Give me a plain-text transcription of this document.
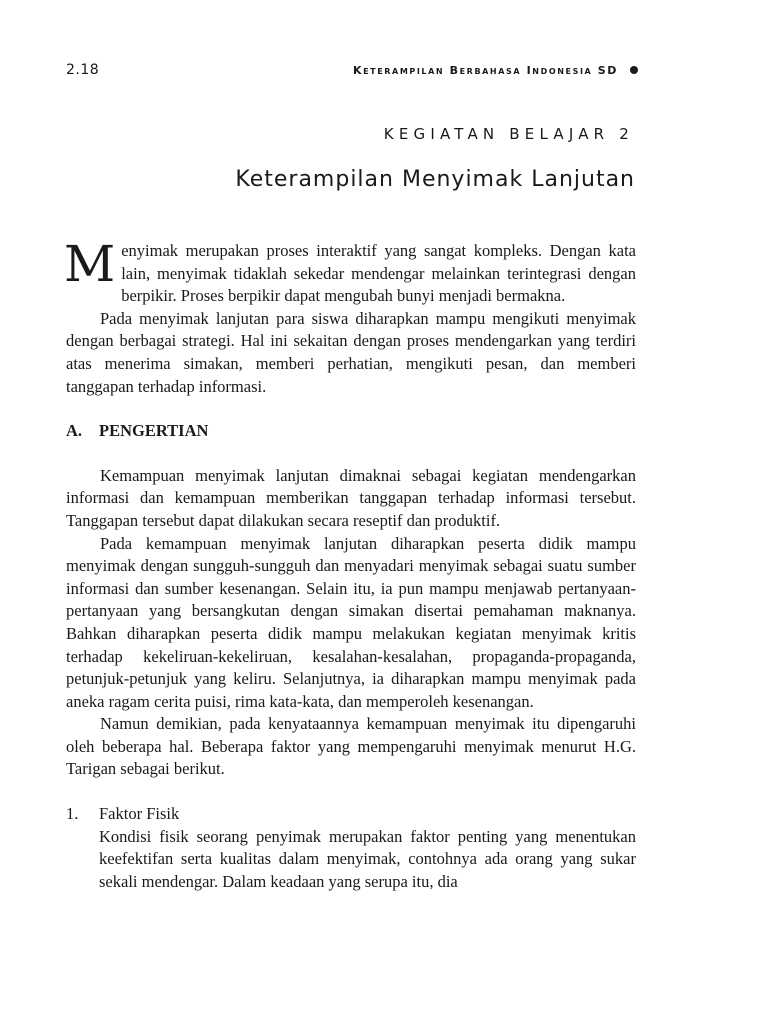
2.18	Keterampilan Berbahasa Indonesia SD
KEGIATAN BELAJAR 2
Keterampilan Menyimak Lanjutan

Menyimak merupakan proses interaktif yang sangat kompleks. Dengan kata lain, menyimak tidaklah sekedar mendengar melainkan terintegrasi dengan berpikir. Proses berpikir dapat mengubah bunyi menjadi bermakna.

Pada menyimak lanjutan para siswa diharapkan mampu mengikuti menyimak dengan berbagai strategi. Hal ini sekaitan dengan proses mendengarkan yang terdiri atas menerima simakan, memberi perhatian, mengikuti pesan, dan memberi tanggapan terhadap informasi.

A. PENGERTIAN

Kemampuan menyimak lanjutan dimaknai sebagai kegiatan mendengarkan informasi dan kemampuan memberikan tanggapan terhadap informasi tersebut. Tanggapan tersebut dapat dilakukan secara reseptif dan produktif.

Pada kemampuan menyimak lanjutan diharapkan peserta didik mampu menyimak dengan sungguh-sungguh dan menyadari menyimak sebagai suatu sumber informasi dan sumber kesenangan. Selain itu, ia pun mampu menjawab pertanyaan-pertanyaan yang bersangkutan dengan simakan disertai pemahaman maknanya. Bahkan diharapkan peserta didik mampu melakukan kegiatan menyimak kritis terhadap kekeliruan-kekeliruan, kesalahan-kesalahan, propaganda-propaganda, petunjuk-petunjuk yang keliru. Selanjutnya, ia diharapkan mampu menyimak pada aneka ragam cerita puisi, rima kata-kata, dan memperoleh kesenangan.

Namun demikian, pada kenyataannya kemampuan menyimak itu dipengaruhi oleh beberapa hal. Beberapa faktor yang mempengaruhi menyimak menurut H.G. Tarigan sebagai berikut.

1. Faktor Fisik

Kondisi fisik seorang penyimak merupakan faktor penting yang menentukan keefektifan serta kualitas dalam menyimak, contohnya ada orang yang sukar sekali mendengar. Dalam keadaan yang serupa itu, dia
